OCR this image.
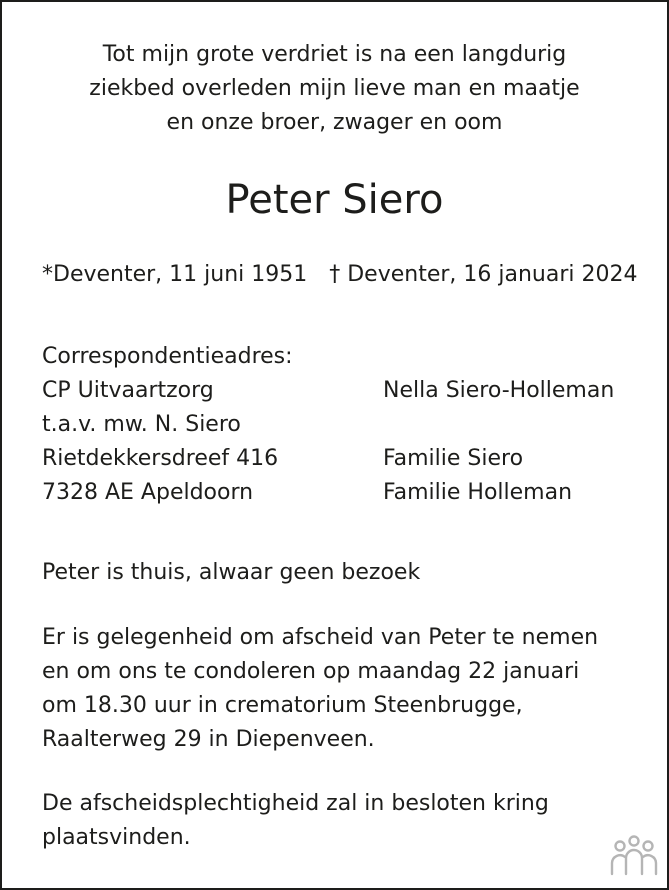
Tot mijn grote verdriet is na een langdurig
ziekbed overleden mijn lieve man en maatje
en onze broer, zwager en oom
Peter Siero
*Deventer, 11 juni 1951 † Deventer, 16 januari 2024
Correspondentieadres:
CP Uitvaartzorg
t.a.v. mw. N. Siero
Rietdekkersdreef 416
7328 AE Apeldoorn
Nella Siero-Holleman
Familie Siero
Familie Holleman
Peter is thuis, alwaar geen bezoek
Er is gelegenheid om afscheid van Peter te nemen
en om ons te condoleren op maandag 22 januari
om 18.30 uur in crematorium Steenbrugge,
Raalterweg 29 in Diepenveen.
De afscheidsplechtigheid zal in besloten kring
plaatsvinden.
